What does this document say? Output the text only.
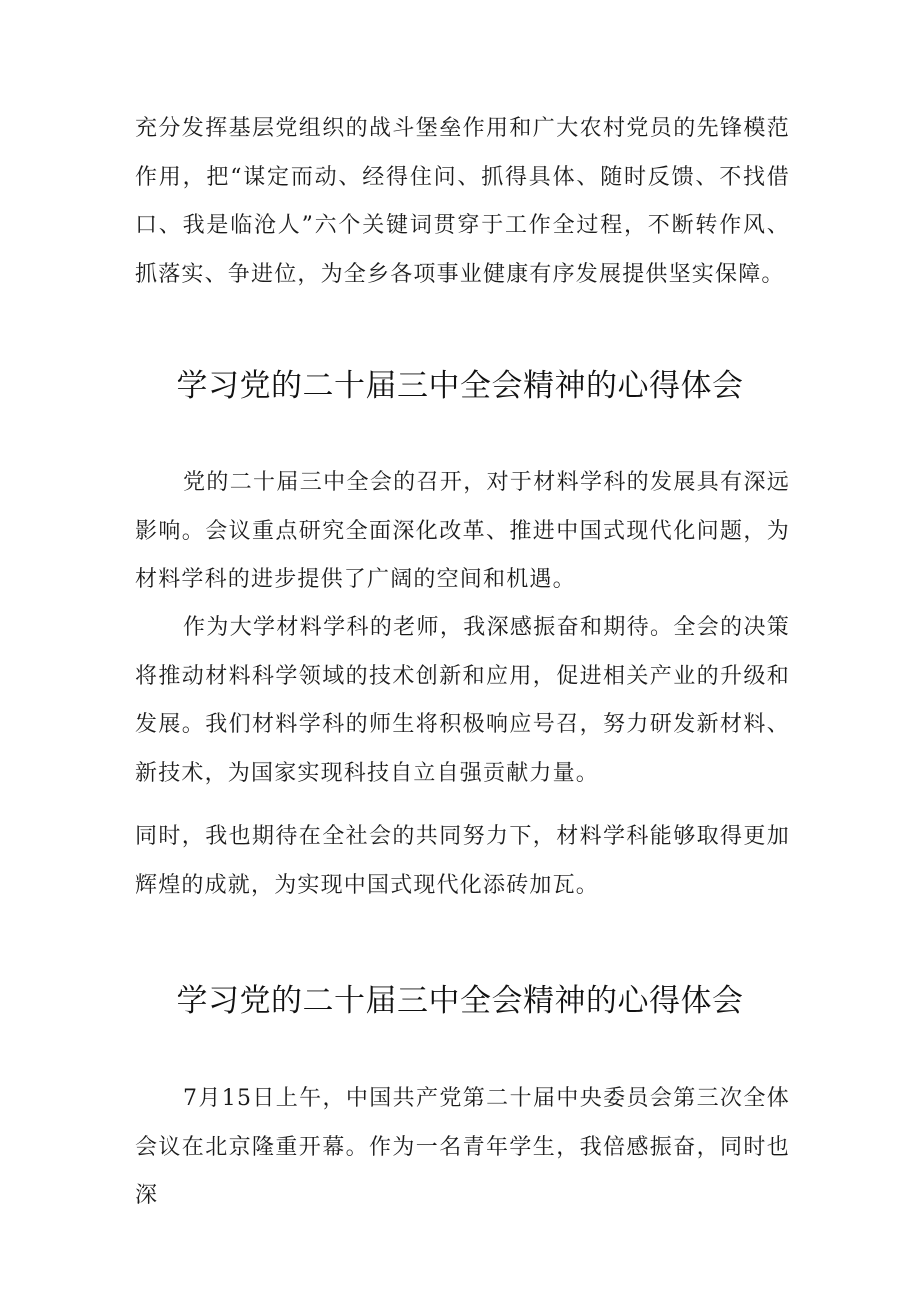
充分发挥基层党组织的战斗堡垒作用和广大农村党员的先锋模范作用，把“谋定而动、经得住问、抓得具体、随时反馈、不找借口、我是临沧人”六个关键词贯穿于工作全过程，不断转作风、抓落实、争进位，为全乡各项事业健康有序发展提供坚实保障。

学习党的二十届三中全会精神的心得体会

党的二十届三中全会的召开，对于材料学科的发展具有深远影响。会议重点研究全面深化改革、推进中国式现代化问题，为材料学科的进步提供了广阔的空间和机遇。

作为大学材料学科的老师，我深感振奋和期待。全会的决策将推动材料科学领域的技术创新和应用，促进相关产业的升级和发展。我们材料学科的师生将积极响应号召，努力研发新材料、新技术，为国家实现科技自立自强贡献力量。

同时，我也期待在全社会的共同努力下，材料学科能够取得更加辉煌的成就，为实现中国式现代化添砖加瓦。

学习党的二十届三中全会精神的心得体会

7月15日上午，中国共产党第二十届中央委员会第三次全体会议在北京隆重开幕。作为一名青年学生，我倍感振奋，同时也深
